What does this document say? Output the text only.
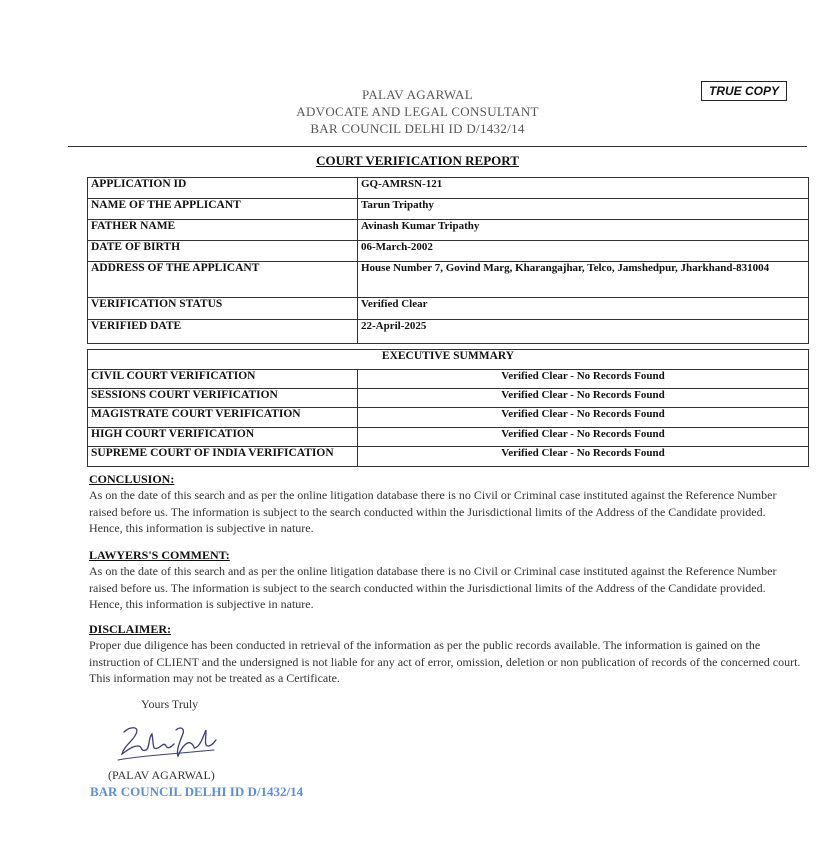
PALAV AGARWAL
ADVOCATE AND LEGAL CONSULTANT
BAR COUNCIL DELHI ID D/1432/14
TRUE COPY
COURT VERIFICATION REPORT
APPLICATION ID	GQ-AMRSN-121
NAME OF THE APPLICANT	Tarun Tripathy
FATHER NAME	Avinash Kumar Tripathy
DATE OF BIRTH	06-March-2002
ADDRESS OF THE APPLICANT	House Number 7, Govind Marg, Kharangajhar, Telco, Jamshedpur, Jharkhand-831004
VERIFICATION STATUS	Verified Clear
VERIFIED DATE	22-April-2025
EXECUTIVE SUMMARY	
CIVIL COURT VERIFICATION	Verified Clear - No Records Found
SESSIONS COURT VERIFICATION	Verified Clear - No Records Found
MAGISTRATE COURT VERIFICATION	Verified Clear - No Records Found
HIGH COURT VERIFICATION	Verified Clear - No Records Found
SUPREME COURT OF INDIA VERIFICATION	Verified Clear - No Records Found
CONCLUSION:
As on the date of this search and as per the online litigation database there is no Civil or Criminal case instituted against the Reference Number raised before us. The information is subject to the search conducted within the Jurisdictional limits of the Address of the Candidate provided. Hence, this information is subjective in nature.
LAWYERS'S COMMENT:
As on the date of this search and as per the online litigation database there is no Civil or Criminal case instituted against the Reference Number raised before us. The information is subject to the search conducted within the Jurisdictional limits of the Address of the Candidate provided. Hence, this information is subjective in nature.
DISCLAIMER:
Proper due diligence has been conducted in retrieval of the information as per the public records available. The information is gained on the instruction of CLIENT and the undersigned is not liable for any act of error, omission, deletion or non publication of records of the concerned court. This information may not be treated as a Certificate.
Yours Truly
(PALAV AGARWAL)
BAR COUNCIL DELHI ID D/1432/14
